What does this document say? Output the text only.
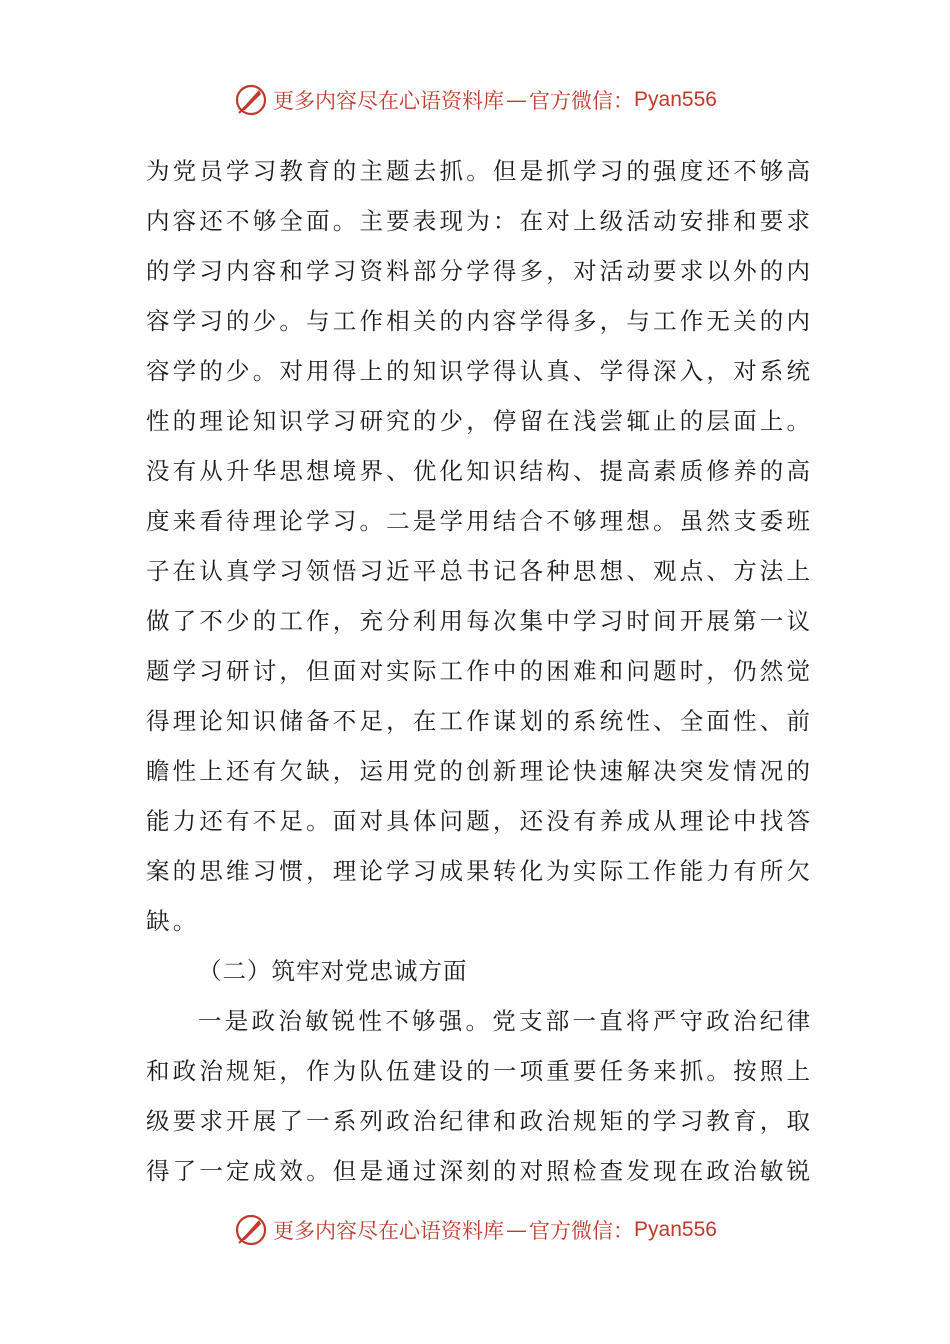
更多内容尽在心语资料库 — 官方微信： Pyan556
为党员学习教育的主题去抓。但是抓学习的强度还不够高
内容还不够全面。主要表现为：在对上级活动安排和要求
的学习内容和学习资料部分学得多，对活动要求以外的内
容学习的少。与工作相关的内容学得多，与工作无关的内
容学的少。对用得上的知识学得认真、学得深入，对系统
性的理论知识学习研究的少，停留在浅尝辄止的层面上。
没有从升华思想境界、优化知识结构、提高素质修养的高
度来看待理论学习。二是学用结合不够理想。虽然支委班
子在认真学习领悟习近平总书记各种思想、观点、方法上
做了不少的工作，充分利用每次集中学习时间开展第一议
题学习研讨，但面对实际工作中的困难和问题时，仍然觉
得理论知识储备不足，在工作谋划的系统性、全面性、前
瞻性上还有欠缺，运用党的创新理论快速解决突发情况的
能力还有不足。面对具体问题，还没有养成从理论中找答
案的思维习惯，理论学习成果转化为实际工作能力有所欠
缺。
（二）筑牢对党忠诚方面
一是政治敏锐性不够强。党支部一直将严守政治纪律
和政治规矩，作为队伍建设的一项重要任务来抓。按照上
级要求开展了一系列政治纪律和政治规矩的学习教育，取
得了一定成效。但是通过深刻的对照检查发现在政治敏锐
更多内容尽在心语资料库 — 官方微信： Pyan556
